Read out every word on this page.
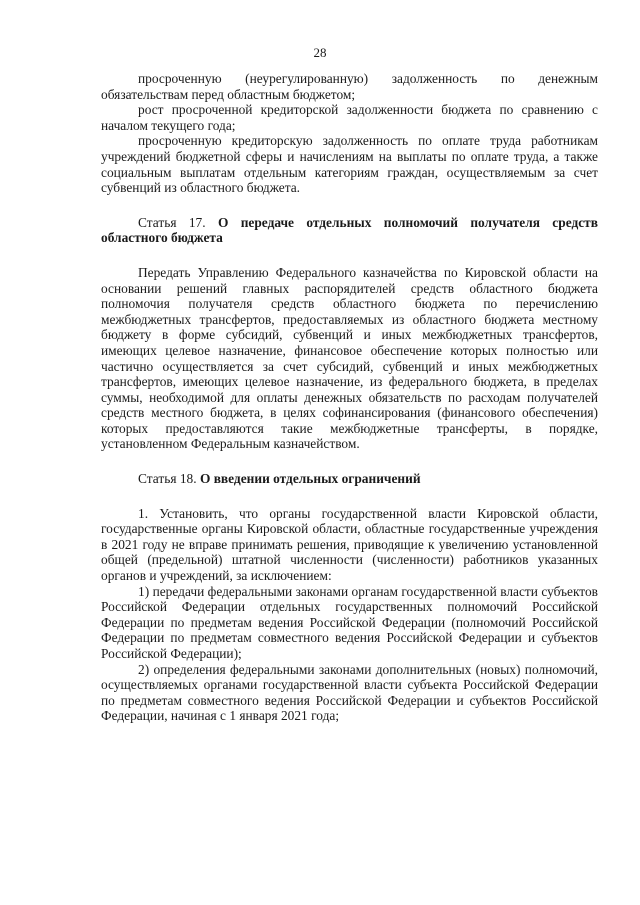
28

просроченную (неурегулированную) задолженность по денежным обязательствам перед областным бюджетом;

рост просроченной кредиторской задолженности бюджета по сравнению с началом текущего года;

просроченную кредиторскую задолженность по оплате труда работникам учреждений бюджетной сферы и начислениям на выплаты по оплате труда, а также социальным выплатам отдельным категориям граждан, осуществляемым за счет субвенций из областного бюджета.

Статья 17. О передаче отдельных полномочий получателя средств областного бюджета

Передать Управлению Федерального казначейства по Кировской области на основании решений главных распорядителей средств областного бюджета полномочия получателя средств областного бюджета по перечислению межбюджетных трансфертов, предоставляемых из областного бюджета местному бюджету в форме субсидий, субвенций и иных межбюджетных трансфертов, имеющих целевое назначение, финансовое обеспечение которых полностью или частично осуществляется за счет субсидий, субвенций и иных межбюджетных трансфертов, имеющих целевое назначение, из федерального бюджета, в пределах суммы, необходимой для оплаты денежных обязательств по расходам получателей средств местного бюджета, в целях софинансирования (финансового обеспечения) которых предоставляются такие межбюджетные трансферты, в порядке, установленном Федеральным казначейством.

Статья 18. О введении отдельных ограничений

1. Установить, что органы государственной власти Кировской области, государственные органы Кировской области, областные государственные учреждения в 2021 году не вправе принимать решения, приводящие к увеличению установленной общей (предельной) штатной численности (численности) работников указанных органов и учреждений, за исключением:

1) передачи федеральными законами органам государственной власти субъектов Российской Федерации отдельных государственных полномочий Российской Федерации по предметам ведения Российской Федерации (полномочий Российской Федерации по предметам совместного ведения Российской Федерации и субъектов Российской Федерации);

2) определения федеральными законами дополнительных (новых) полномочий, осуществляемых органами государственной власти субъекта Российской Федерации по предметам совместного ведения Российской Федерации и субъектов Российской Федерации, начиная с 1 января 2021 года;
